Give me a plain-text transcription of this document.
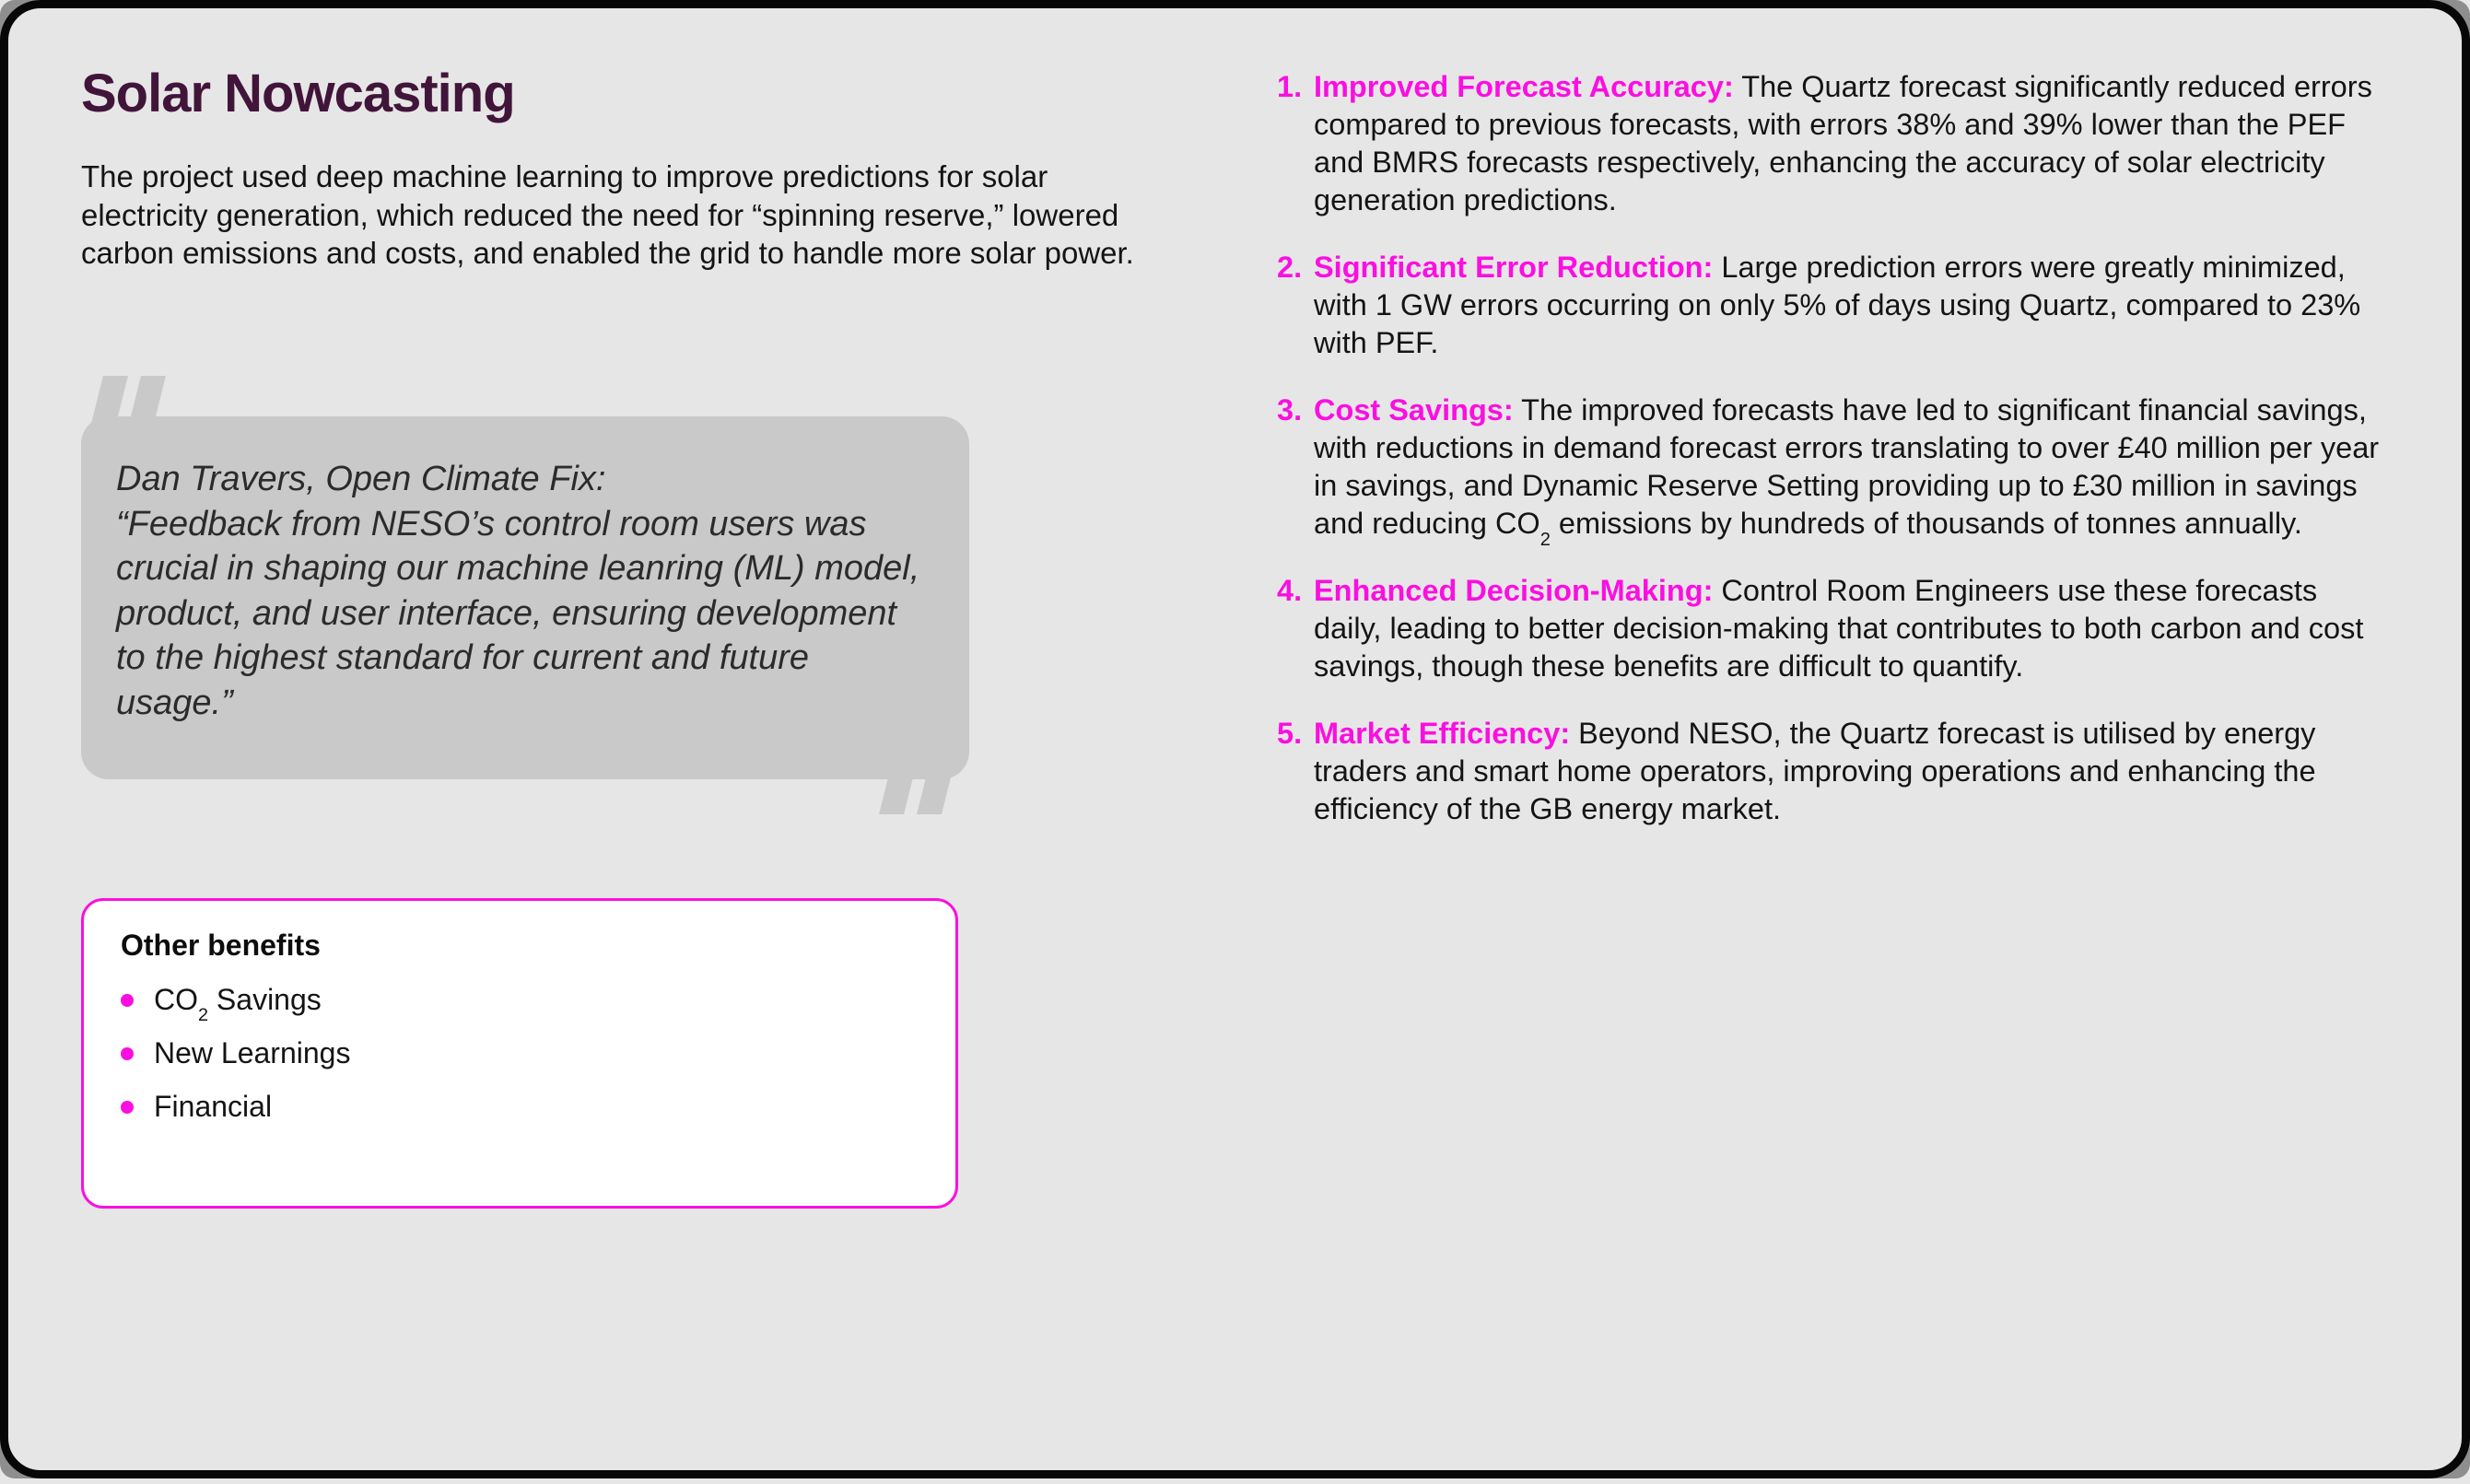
Solar Nowcasting

The project used deep machine learning to improve predictions for solar electricity generation, which reduced the need for “spinning reserve,” lowered carbon emissions and costs, and enabled the grid to handle more solar power.

Dan Travers, Open Climate Fix:
“Feedback from NESO’s control room users was crucial in shaping our machine leanring (ML) model, product, and user interface, ensuring development to the highest standard for current and future usage.”
Other benefits
$CO_2$ Savings
New Learnings
Financial
1. Improved Forecast Accuracy: The Quartz forecast significantly reduced errors compared to previous forecasts, with errors 38% and 39% lower than the PEF and BMRS forecasts respectively, enhancing the accuracy of solar electricity generation predictions.
2. Significant Error Reduction: Large prediction errors were greatly minimized, with 1 GW errors occurring on only 5% of days using Quartz, compared to 23% with PEF.
3. Cost Savings: The improved forecasts have led to significant financial savings, with reductions in demand forecast errors translating to over £40 million per year in savings, and Dynamic Reserve Setting providing up to £30 million in savings and reducing $CO_2$ emissions by hundreds of thousands of tonnes annually.
4. Enhanced Decision-Making: Control Room Engineers use these forecasts daily, leading to better decision-making that contributes to both carbon and cost savings, though these benefits are difficult to quantify.
5. Market Efficiency: Beyond NESO, the Quartz forecast is utilised by energy traders and smart home operators, improving operations and enhancing the efficiency of the GB energy market.
